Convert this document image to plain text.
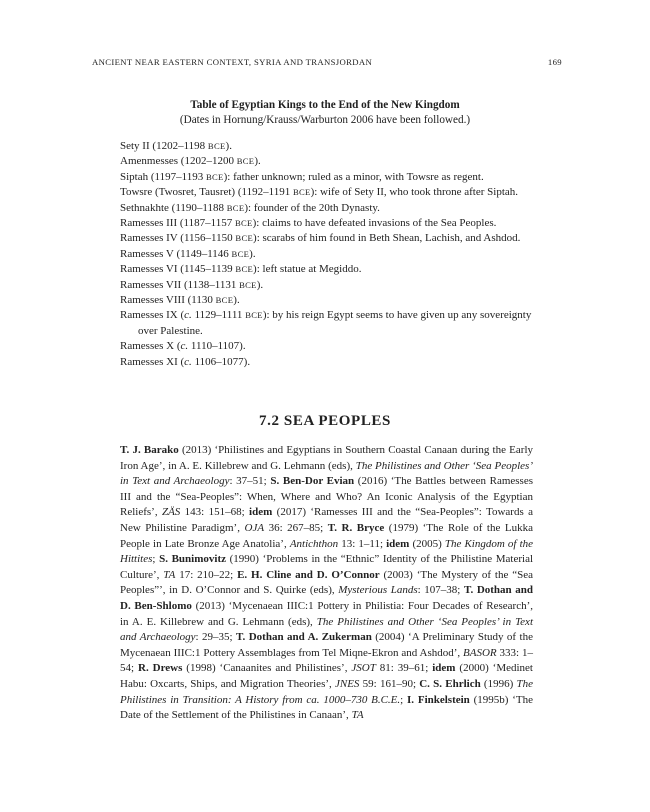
ANCIENT NEAR EASTERN CONTEXT, SYRIA AND TRANSJORDAN	169
Table of Egyptian Kings to the End of the New Kingdom
(Dates in Hornung/Krauss/Warburton 2006 have been followed.)
Sety II (1202–1198 BCE).
Amenmesses (1202–1200 BCE).
Siptah (1197–1193 BCE): father unknown; ruled as a minor, with Towsre as regent.
Towsre (Twosret, Tausret) (1192–1191 BCE): wife of Sety II, who took throne after Siptah.
Sethnakhte (1190–1188 BCE): founder of the 20th Dynasty.
Ramesses III (1187–1157 BCE): claims to have defeated invasions of the Sea Peoples.
Ramesses IV (1156–1150 BCE): scarabs of him found in Beth Shean, Lachish, and Ashdod.
Ramesses V (1149–1146 BCE).
Ramesses VI (1145–1139 BCE): left statue at Megiddo.
Ramesses VII (1138–1131 BCE).
Ramesses VIII (1130 BCE).
Ramesses IX (c. 1129–1111 BCE): by his reign Egypt seems to have given up any sovereignty over Palestine.
Ramesses X (c. 1110–1107).
Ramesses XI (c. 1106–1077).
7.2 SEA PEOPLES

T. J. Barako (2013) ‘Philistines and Egyptians in Southern Coastal Canaan during the Early Iron Age’, in A. E. Killebrew and G. Lehmann (eds), The Philistines and Other ‘Sea Peoples’ in Text and Archaeology: 37–51; S. Ben-Dor Evian (2016) ‘The Battles between Ramesses III and the “Sea-Peoples”: When, Where and Who? An Iconic Analysis of the Egyptian Reliefs’, ZÄS 143: 151–68; idem (2017) ‘Ramesses III and the “Sea-Peoples”: Towards a New Philistine Paradigm’, OJA 36: 267–85; T. R. Bryce (1979) ‘The Role of the Lukka People in Late Bronze Age Anatolia’, Antichthon 13: 1–11; idem (2005) The Kingdom of the Hittites; S. Bunimovitz (1990) ‘Problems in the “Ethnic” Identity of the Philistine Material Culture’, TA 17: 210–22; E. H. Cline and D. O’Connor (2003) ‘The Mystery of the “Sea Peoples”’, in D. O’Connor and S. Quirke (eds), Mysterious Lands: 107–38; T. Dothan and D. Ben-Shlomo (2013) ‘Mycenaean IIIC:1 Pottery in Philistia: Four Decades of Research’, in A. E. Killebrew and G. Lehmann (eds), The Philistines and Other ‘Sea Peoples’ in Text and Archaeology: 29–35; T. Dothan and A. Zukerman (2004) ‘A Preliminary Study of the Mycenaean IIIC:1 Pottery Assemblages from Tel Miqne-Ekron and Ashdod’, BASOR 333: 1–54; R. Drews (1998) ‘Canaanites and Philistines’, JSOT 81: 39–61; idem (2000) ‘Medinet Habu: Oxcarts, Ships, and Migration Theories’, JNES 59: 161–90; C. S. Ehrlich (1996) The Philistines in Transition: A History from ca. 1000–730 B.C.E.; I. Finkelstein (1995b) ‘The Date of the Settlement of the Philistines in Canaan’, TA
